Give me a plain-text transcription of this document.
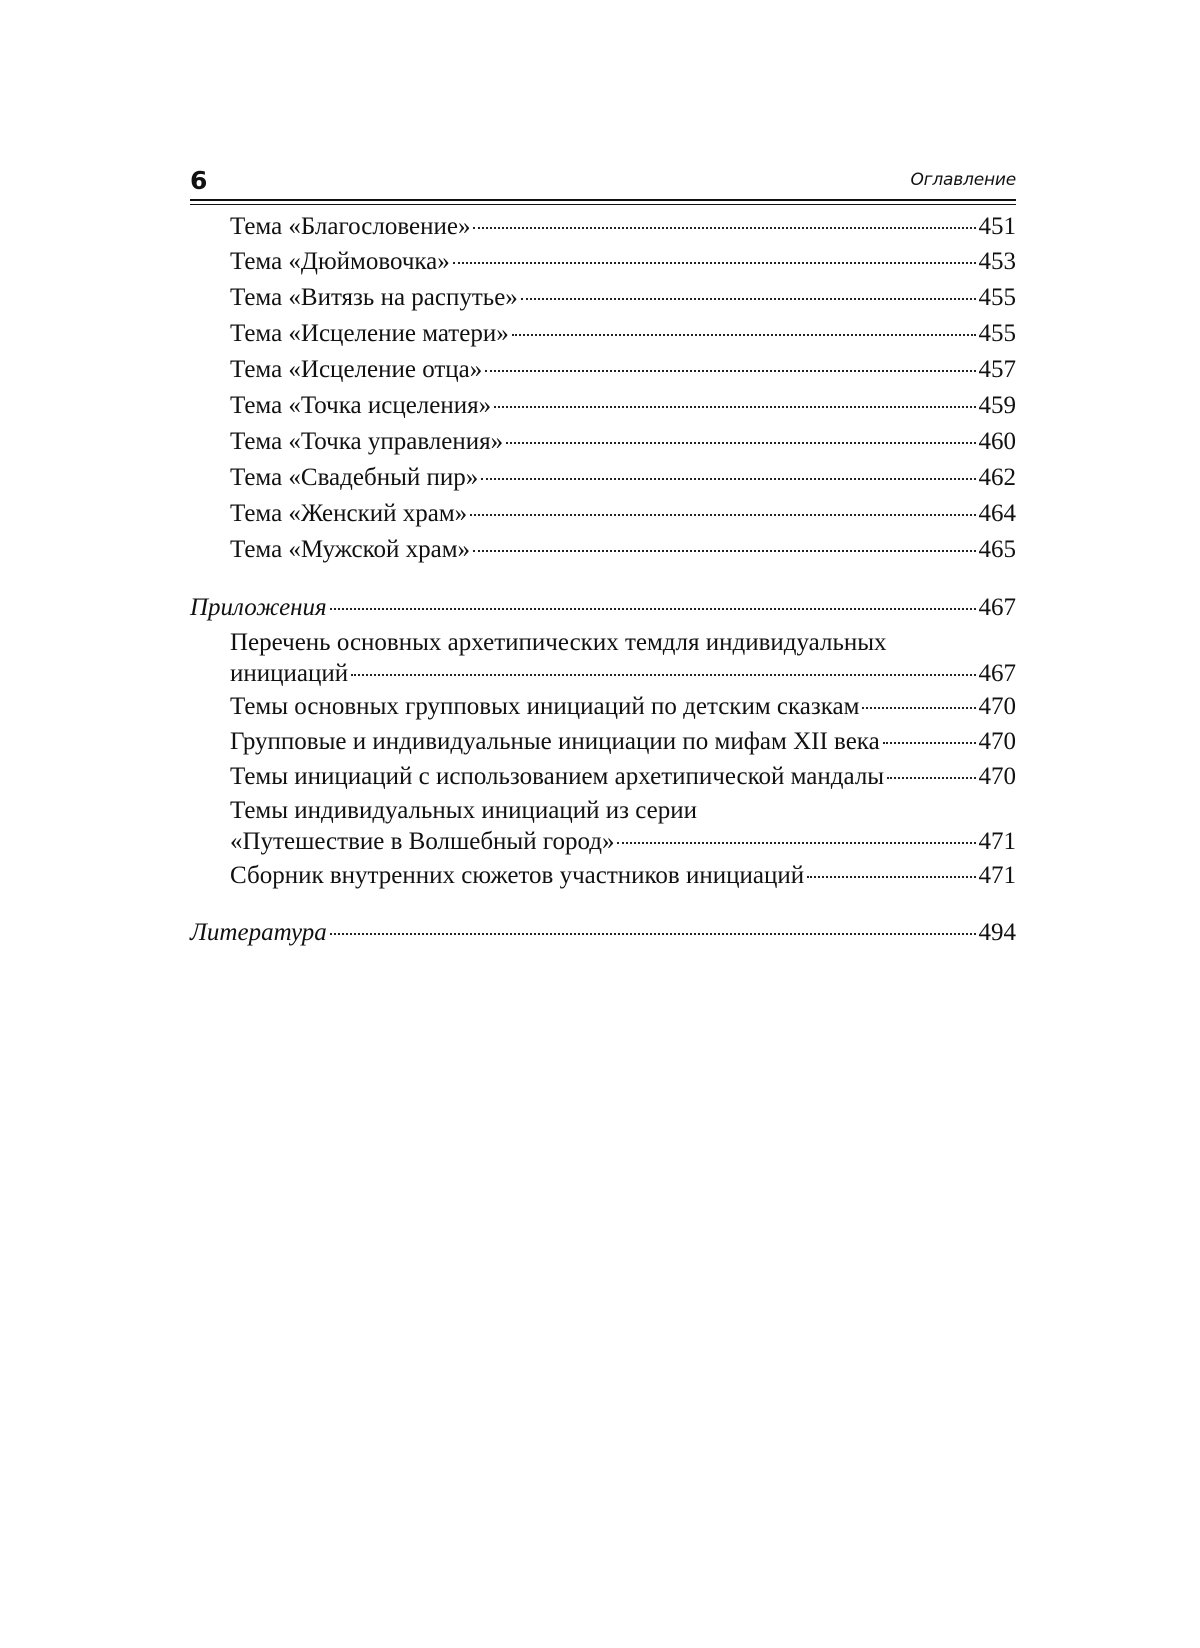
6	Оглавление
Тема «Благословение»	451
Тема «Дюймовочка»	453
Тема «Витязь на распутье»	455
Тема «Исцеление матери»	455
Тема «Исцеление отца»	457
Тема «Точка исцеления»	459
Тема «Точка управления»	460
Тема «Свадебный пир»	462
Тема «Женский храм»	464
Тема «Мужской храм»	465
Приложения	467
Перечень основных архетипических темдля индивидуальных
инициаций	467
Темы основных групповых инициаций по детским сказкам	470
Групповые и индивидуальные инициации по мифам XII века	470
Темы инициаций с использованием архетипической мандалы	470
Темы индивидуальных инициаций из серии
«Путешествие в Волшебный город»	471
Сборник внутренних сюжетов участников инициаций	471
Литература	494
